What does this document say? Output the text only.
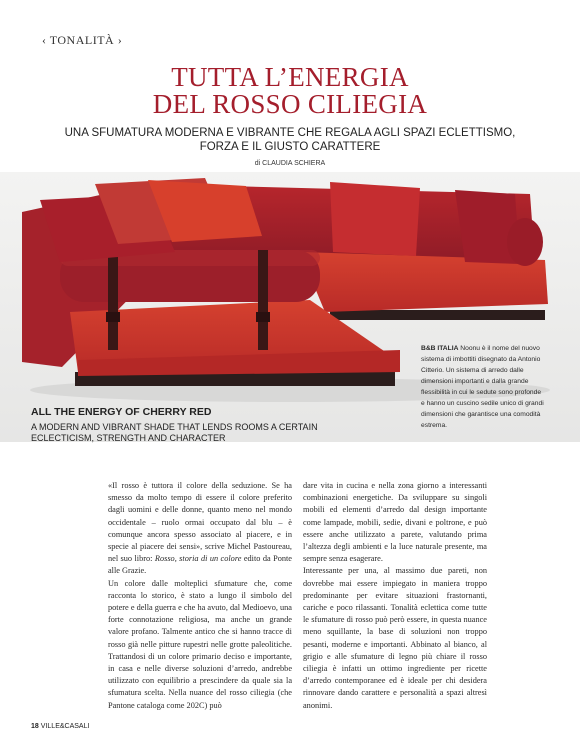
‹ TONALITÀ ›
TUTTA L’ENERGIA
DEL ROSSO CILIEGIA
UNA SFUMATURA MODERNA E VIBRANTE CHE REGALA AGLI SPAZI ECLETTISMO,
FORZA E IL GIUSTO CARATTERE
di CLAUDIA SCHIERA
B&B ITALIA Noonu è il nome del nuovo sistema di imbottiti disegnato da Antonio Citterio. Un sistema di arredo dalle dimensioni importanti e dalla grande flessibilità in cui le sedute sono profonde e hanno un cuscino sedile unico di grandi dimensioni che garantisce una comodità estrema.
ALL THE ENERGY OF CHERRY RED
A MODERN AND VIBRANT SHADE THAT LENDS ROOMS A CERTAIN
ECLECTICISM, STRENGTH AND CHARACTER

«Il rosso è tuttora il colore della seduzione. Se ha smesso da molto tempo di essere il colore preferito dagli uomini e delle donne, quanto meno nel mondo occidentale – ruolo ormai occupato dal blu – è comunque ancora spesso associato al piacere, e in specie al piacere dei sensi», scrive Michel Pastoureau, nel suo libro: Rosso, storia di un colore edito da Ponte alle Grazie.

Un colore dalle molteplici sfumature che, come racconta lo storico, è stato a lungo il simbolo del potere e della guerra e che ha avuto, dal Medioevo, una forte connotazione religiosa, ma anche un grande valore profano. Talmente antico che si hanno tracce di rosso già nelle pitture rupestri nelle grotte paleolitiche. Trattandosi di un colore primario deciso e importante, in casa e nelle diverse soluzioni d’arredo, andrebbe utilizzato con equilibrio a prescindere da quale sia la sfumatura scelta. Nella nuance del rosso ciliegia (che Pantone cataloga come 202C) può

dare vita in cucina e nella zona giorno a interessanti combinazioni energetiche. Da sviluppare su singoli mobili ed elementi d’arredo dal design importante come lampade, mobili, sedie, divani e poltrone, e può essere anche utilizzato a parete, valutando prima l’altezza degli ambienti e la luce naturale presente, ma sempre senza esagerare.

Interessante per una, al massimo due pareti, non dovrebbe mai essere impiegato in maniera troppo predominante per evitare situazioni frastornanti, cariche e poco rilassanti. Tonalità eclettica come tutte le sfumature di rosso può però essere, in questa nuance meno squillante, la base di soluzioni non troppo pesanti, moderne e importanti. Abbinato al bianco, al grigio e alle sfumature di legno più chiare il rosso ciliegia è infatti un ottimo ingrediente per ricette d’arredo contemporanee ed è ideale per chi desidera rinnovare dando carattere e personalità a spazi altresì anonimi.

18 VILLE&CASALI
